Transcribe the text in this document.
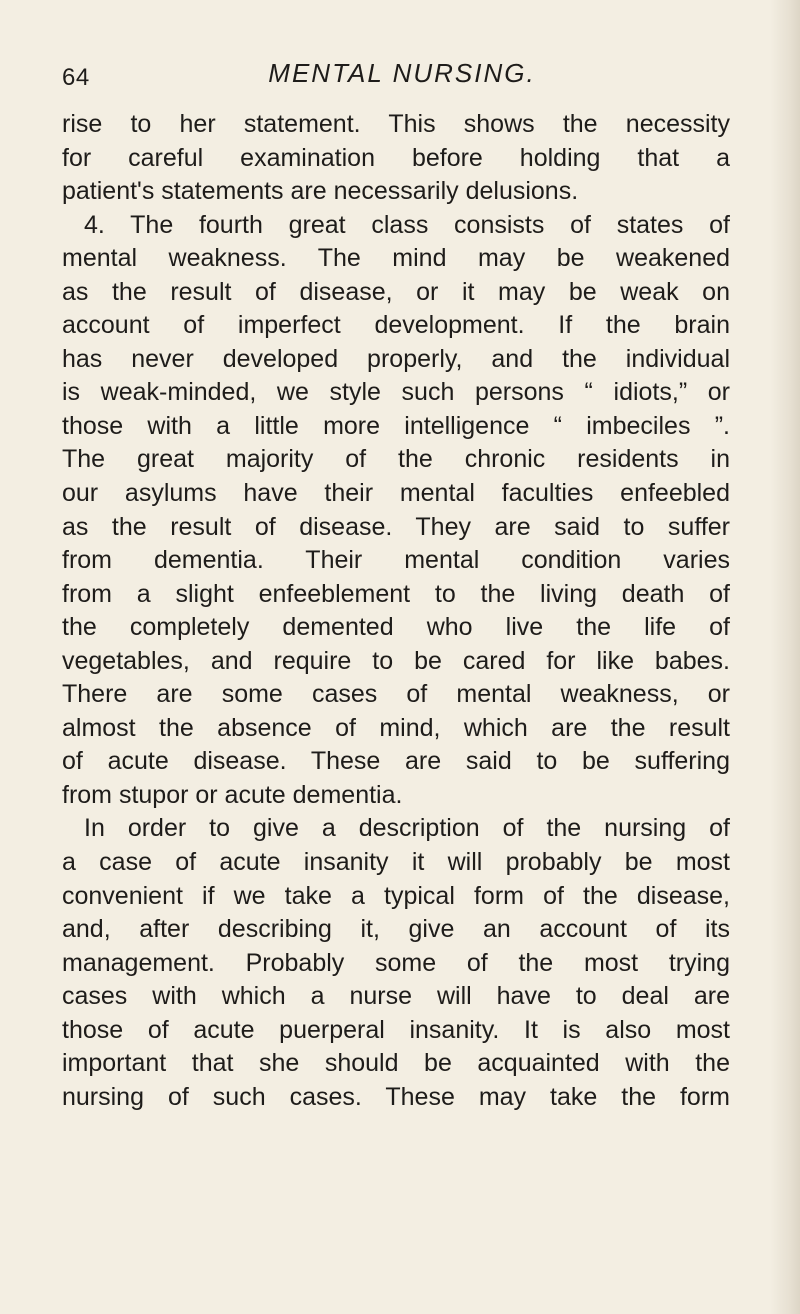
64	MENTAL NURSING.
rise to her statement. This shows the necessity
for careful examination before holding that a
patient's statements are necessarily delusions.
4. The fourth great class consists of states of
mental weakness. The mind may be weakened
as the result of disease, or it may be weak on
account of imperfect development. If the brain
has never developed properly, and the individual
is weak-minded, we style such persons “ idiots,” or
those with a little more intelligence “ imbeciles ”.
The great majority of the chronic residents in
our asylums have their mental faculties enfeebled
as the result of disease. They are said to suffer
from dementia. Their mental condition varies
from a slight enfeeblement to the living death of
the completely demented who live the life of
vegetables, and require to be cared for like babes.
There are some cases of mental weakness, or
almost the absence of mind, which are the result
of acute disease. These are said to be suffering
from stupor or acute dementia.
In order to give a description of the nursing of
a case of acute insanity it will probably be most
convenient if we take a typical form of the disease,
and, after describing it, give an account of its
management. Probably some of the most trying
cases with which a nurse will have to deal are
those of acute puerperal insanity. It is also most
important that she should be acquainted with the
nursing of such cases. These may take the form
